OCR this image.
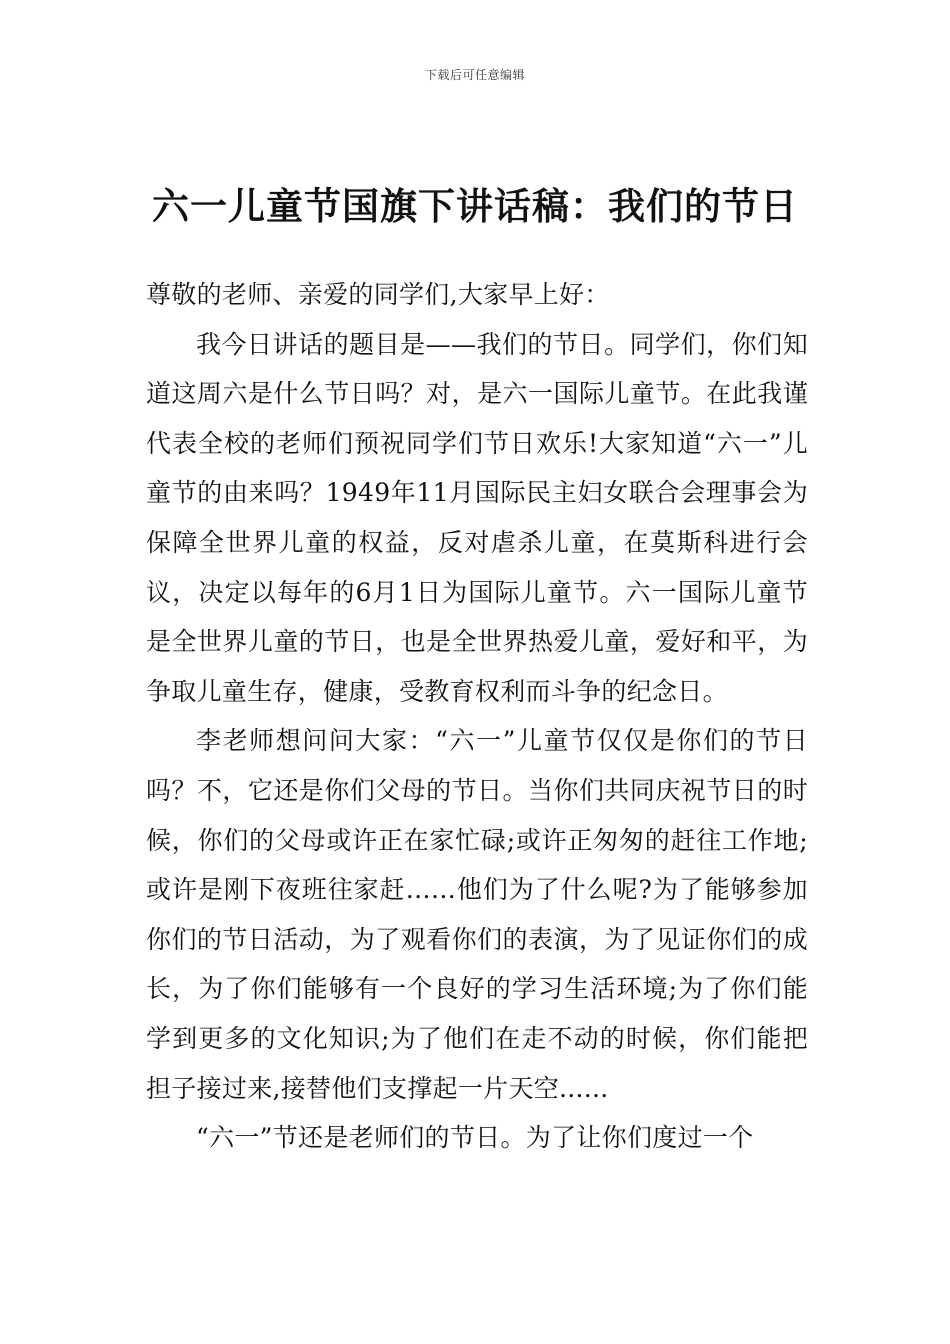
下载后可任意编辑
六一儿童节国旗下讲话稿：我们的节日

尊敬的老师、亲爱的同学们,大家早上好：

我今日讲话的题目是——我们的节日。同学们，你们知道这周六是什么节日吗？对，是六一国际儿童节。在此我谨代表全校的老师们预祝同学们节日欢乐!大家知道“六一”儿童节的由来吗？1949年11月国际民主妇女联合会理事会为保障全世界儿童的权益，反对虐杀儿童，在莫斯科进行会议，决定以每年的6月1日为国际儿童节。六一国际儿童节是全世界儿童的节日，也是全世界热爱儿童，爱好和平，为争取儿童生存，健康，受教育权利而斗争的纪念日。

李老师想问问大家：“六一”儿童节仅仅是你们的节日吗？不，它还是你们父母的节日。当你们共同庆祝节日的时候，你们的父母或许正在家忙碌;或许正匆匆的赶往工作地;或许是刚下夜班往家赶……他们为了什么呢?为了能够参加你们的节日活动，为了观看你们的表演，为了见证你们的成长，为了你们能够有一个良好的学习生活环境;为了你们能学到更多的文化知识;为了他们在走不动的时候，你们能把担子接过来,接替他们支撑起一片天空......

“六一”节还是老师们的节日。为了让你们度过一个
